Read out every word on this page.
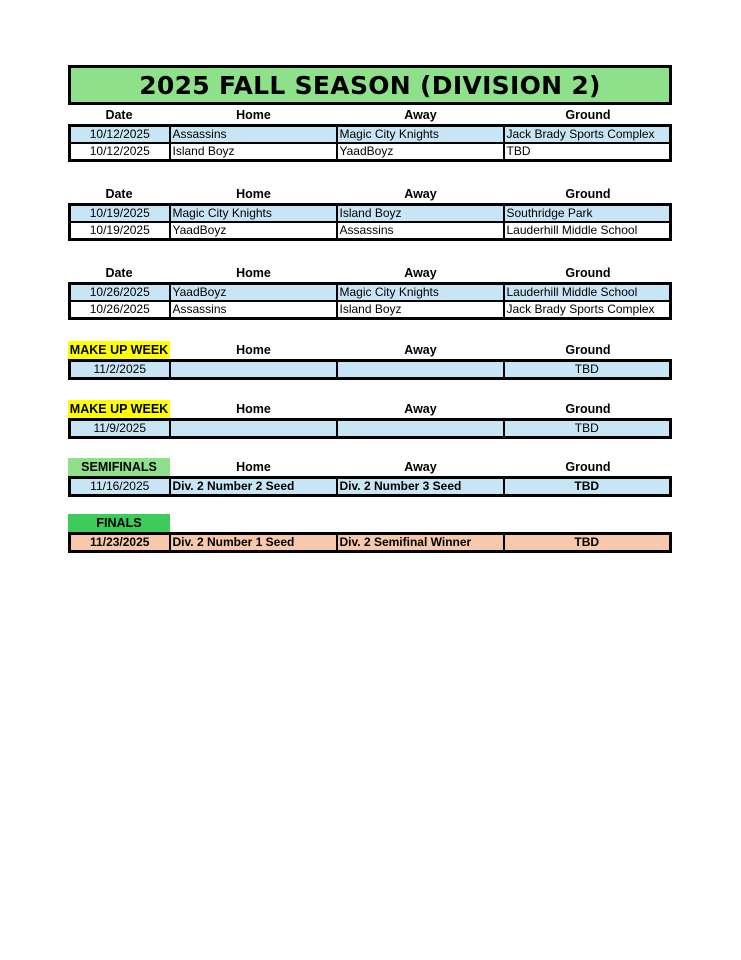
2025 FALL SEASON (DIVISION 2)
Date	Home	Away	Ground
10/12/2025	Assassins	Magic City Knights	Jack Brady Sports Complex
10/12/2025	Island Boyz	YaadBoyz	TBD
Date	Home	Away	Ground
10/19/2025	Magic City Knights	Island Boyz	Southridge Park
10/19/2025	YaadBoyz	Assassins	Lauderhill Middle School
Date	Home	Away	Ground
10/26/2025	YaadBoyz	Magic City Knights	Lauderhill Middle School
10/26/2025	Assassins	Island Boyz	Jack Brady Sports Complex
MAKE UP WEEK	Home	Away	Ground
11/2/2025			TBD
MAKE UP WEEK	Home	Away	Ground
11/9/2025			TBD
SEMIFINALS	Home	Away	Ground
11/16/2025	Div. 2 Number 2 Seed	Div. 2 Number 3 Seed	TBD
FINALS
11/23/2025	Div. 2 Number 1 Seed	Div. 2 Semifinal Winner	TBD
